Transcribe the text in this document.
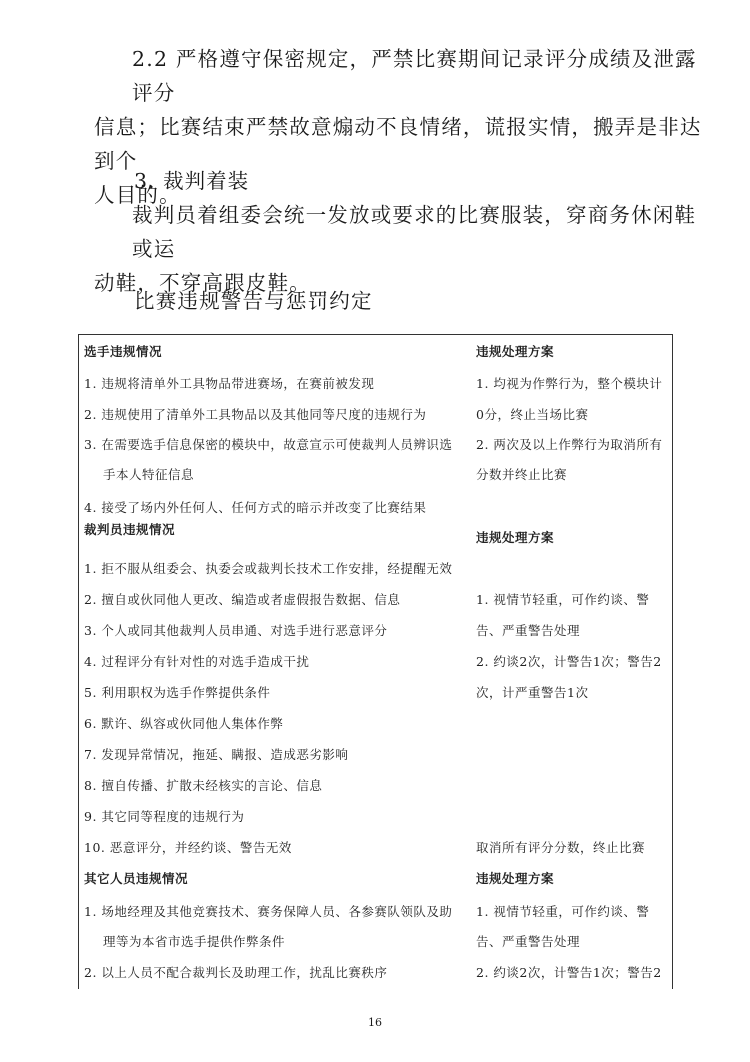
2.2 严格遵守保密规定，严禁比赛期间记录评分成绩及泄露评分
信息；比赛结束严禁故意煽动不良情绪，谎报实情，搬弄是非达到个
人目的。
3. 裁判着装
裁判员着组委会统一发放或要求的比赛服装，穿商务休闲鞋或运
动鞋，不穿高跟皮鞋。
比赛违规警告与惩罚约定
选手违规情况	违规处理方案
1. 违规将清单外工具物品带进赛场，在赛前被发现
2. 违规使用了清单外工具物品以及其他同等尺度的违规行为
3. 在需要选手信息保密的模块中，故意宣示可使裁判人员辨识选
手本人特征信息
4. 接受了场内外任何人、任何方式的暗示并改变了比赛结果
1. 均视为作弊行为，整个模块计
0分，终止当场比赛
2. 两次及以上作弊行为取消所有
分数并终止比赛
裁判员违规情况
违规处理方案
1. 拒不服从组委会、执委会或裁判长技术工作安排，经提醒无效
2. 擅自或伙同他人更改、编造或者虚假报告数据、信息
3. 个人或同其他裁判人员串通、对选手进行恶意评分
4. 过程评分有针对性的对选手造成干扰
5. 利用职权为选手作弊提供条件
6. 默许、纵容或伙同他人集体作弊
7. 发现异常情况，拖延、瞒报、造成恶劣影响
8. 擅自传播、扩散未经核实的言论、信息
9. 其它同等程度的违规行为
10. 恶意评分，并经约谈、警告无效
1. 视情节轻重，可作约谈、警
告、严重警告处理
2. 约谈2次，计警告1次；警告2
次，计严重警告1次
取消所有评分分数，终止比赛
其它人员违规情况	违规处理方案
1. 场地经理及其他竞赛技术、赛务保障人员、各参赛队领队及助
理等为本省市选手提供作弊条件
2. 以上人员不配合裁判长及助理工作，扰乱比赛秩序
1. 视情节轻重，可作约谈、警
告、严重警告处理
2. 约谈2次，计警告1次；警告2
16
